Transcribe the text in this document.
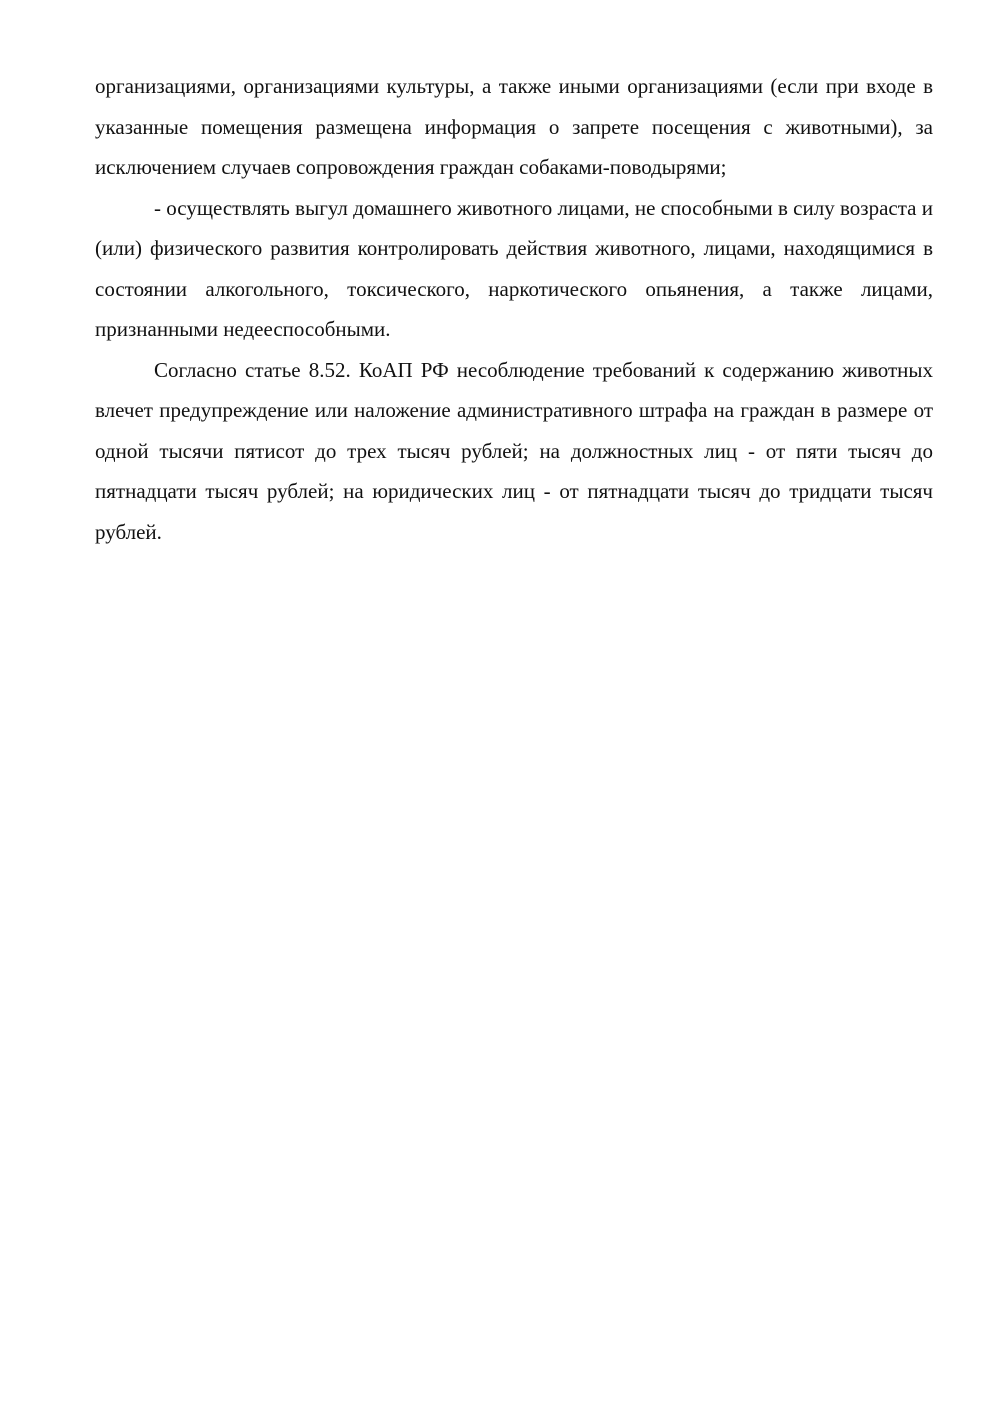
организациями, организациями культуры, а также иными организациями (если при входе в указанные помещения размещена информация о запрете посещения с животными), за исключением случаев сопровождения граждан собаками-поводырями;

- осуществлять выгул домашнего животного лицами, не способными в силу возраста и (или) физического развития контролировать действия животного, лицами, находящимися в состоянии алкогольного, токсического, наркотического опьянения, а также лицами, признанными недееспособными.

Согласно статье 8.52. КоАП РФ несоблюдение требований к содержанию животных влечет предупреждение или наложение административного штрафа на граждан в размере от одной тысячи пятисот до трех тысяч рублей; на должностных лиц - от пяти тысяч до пятнадцати тысяч рублей; на юридических лиц - от пятнадцати тысяч до тридцати тысяч рублей.
